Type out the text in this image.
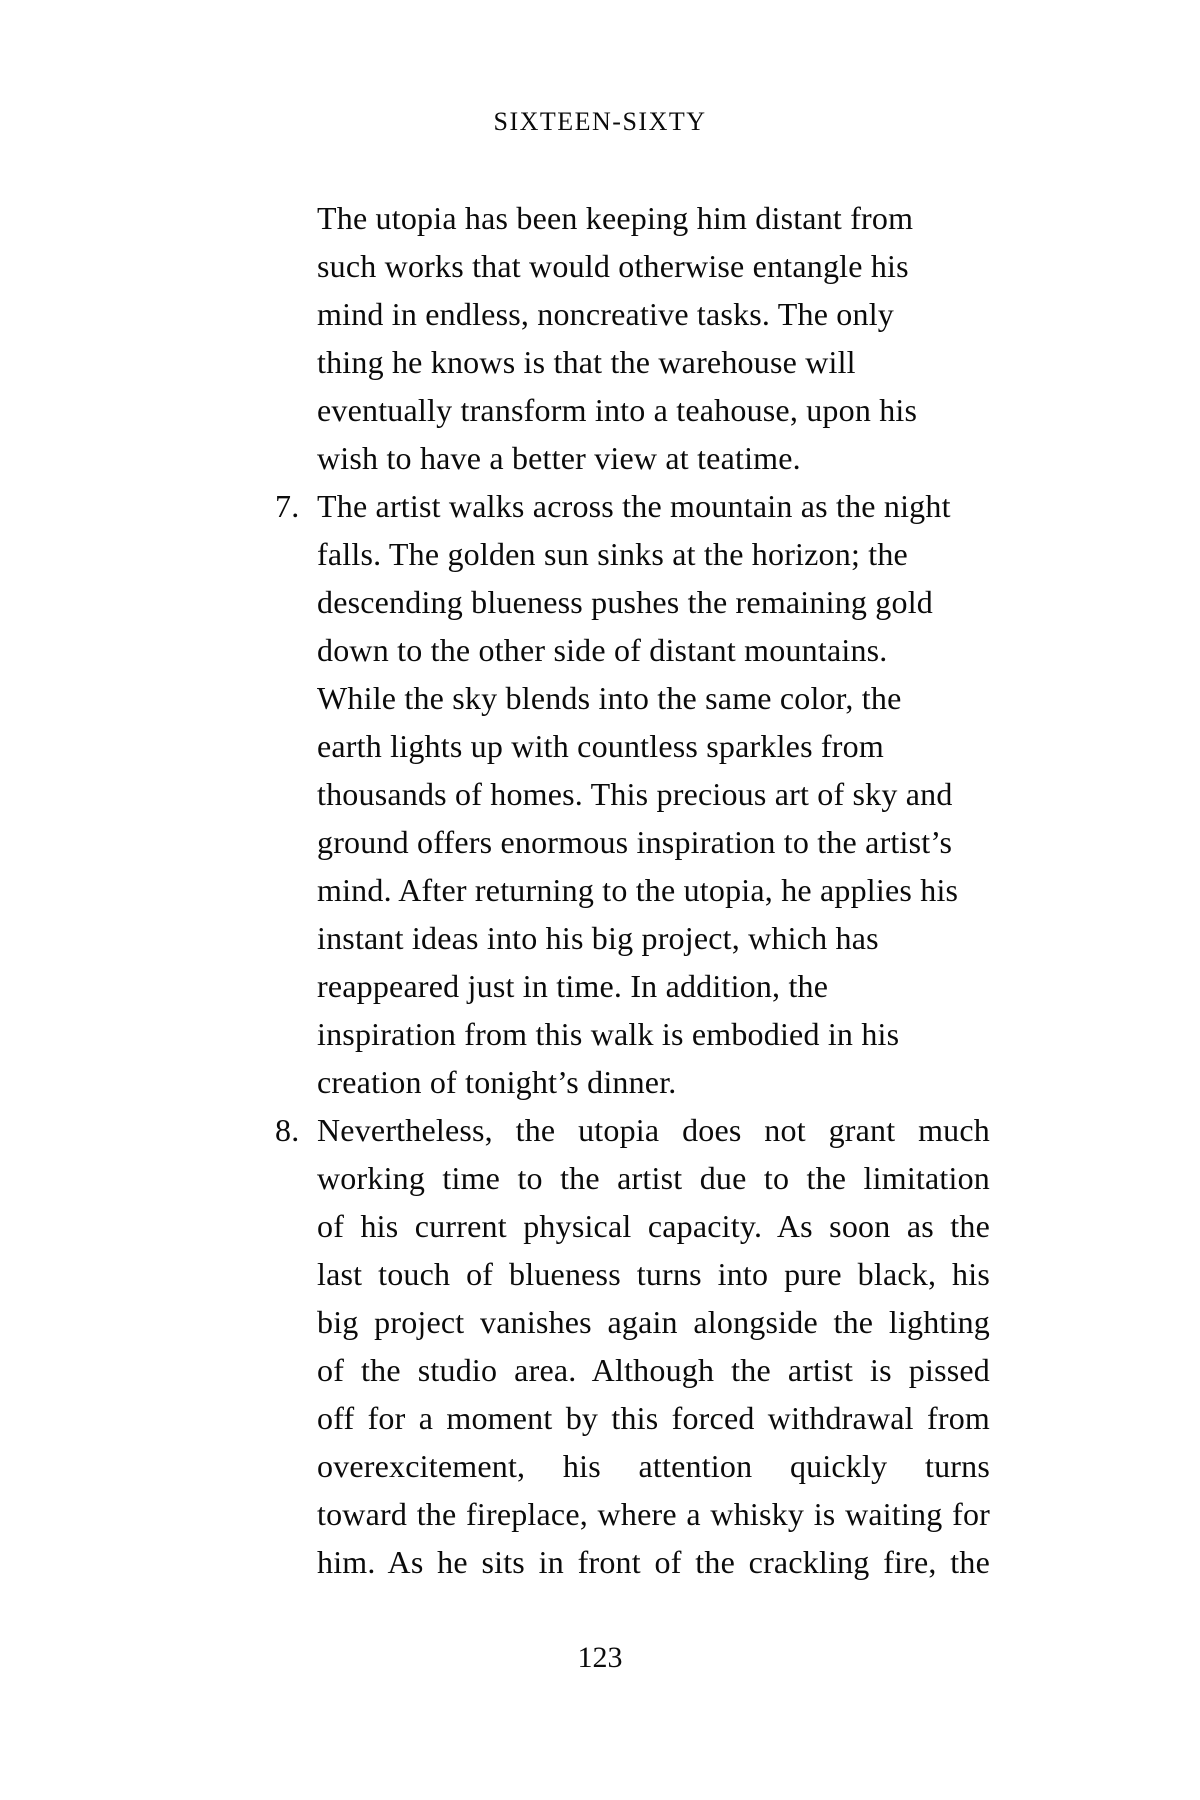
SIXTEEN-SIXTY
The utopia has been keeping him distant from
such works that would otherwise entangle his
mind in endless, noncreative tasks. The only
thing he knows is that the warehouse will
eventually transform into a teahouse, upon his
wish to have a better view at teatime.
7. The artist walks across the mountain as the night
falls. The golden sun sinks at the horizon; the
descending blueness pushes the remaining gold
down to the other side of distant mountains.
While the sky blends into the same color, the
earth lights up with countless sparkles from
thousands of homes. This precious art of sky and
ground offers enormous inspiration to the artist’s
mind. After returning to the utopia, he applies his
instant ideas into his big project, which has
reappeared just in time. In addition, the
inspiration from this walk is embodied in his
creation of tonight’s dinner.
8. Nevertheless, the utopia does not grant much
working time to the artist due to the limitation
of his current physical capacity. As soon as the
last touch of blueness turns into pure black, his
big project vanishes again alongside the lighting
of the studio area. Although the artist is pissed
off for a moment by this forced withdrawal from
overexcitement, his attention quickly turns
toward the fireplace, where a whisky is waiting for
him. As he sits in front of the crackling fire, the
123
